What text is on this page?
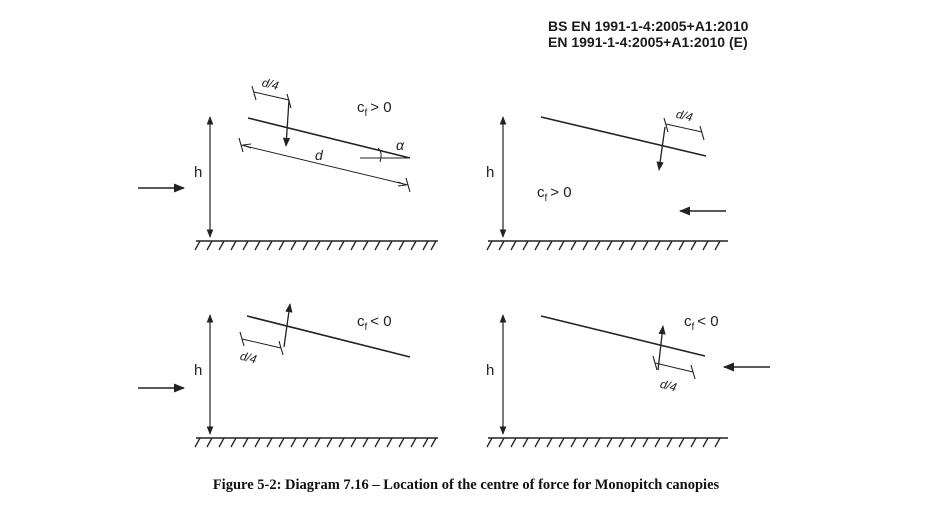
BS EN 1991-1-4:2005+A1:2010
EN 1991-1-4:2005+A1:2010 (E)
h
d
α
d/4
$c_f > 0$
h
d/4
$c_f > 0$
h
d/4
$c_f < 0$
h
d/4
$c_f < 0$
Figure 5-2: Diagram 7.16 – Location of the centre of force for Monopitch canopies
